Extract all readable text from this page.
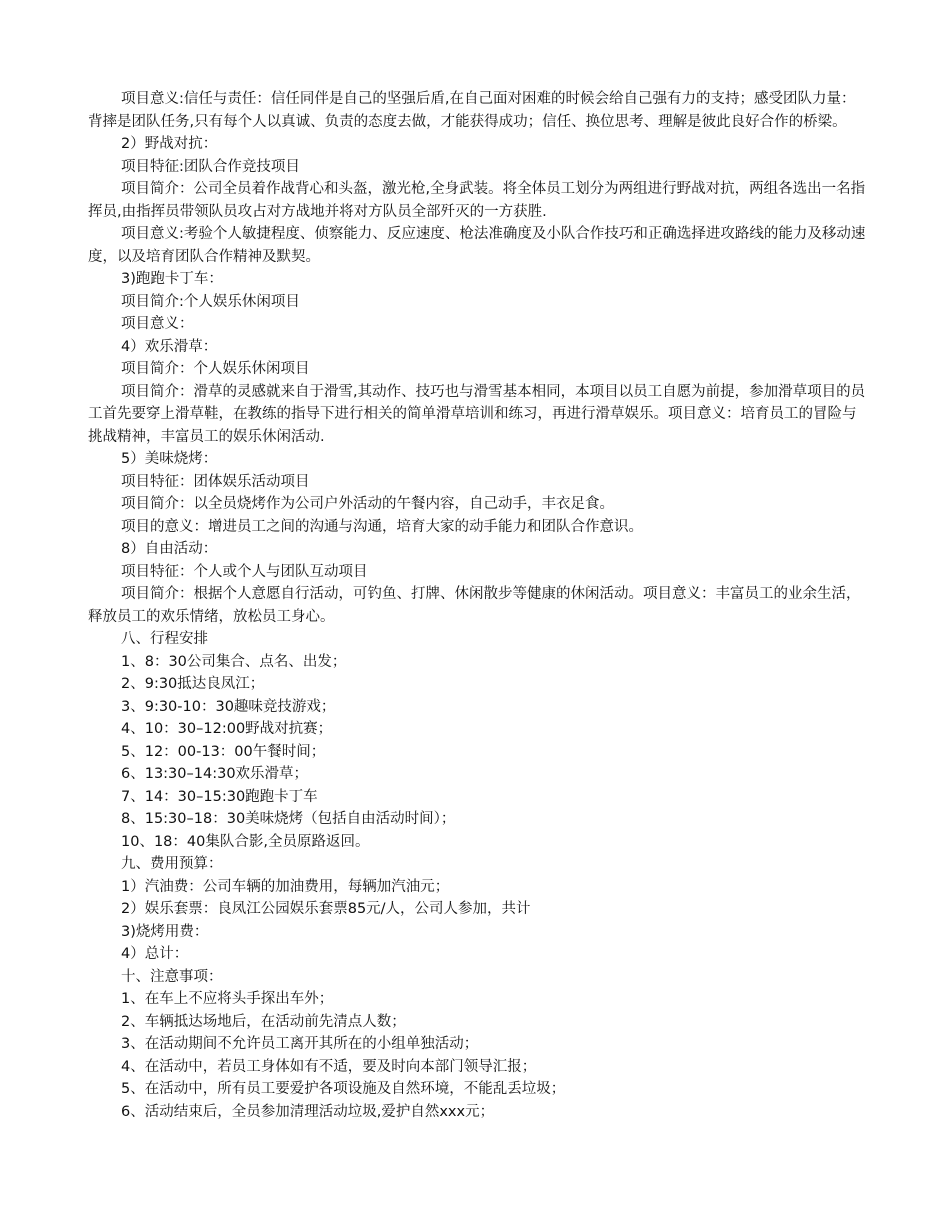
项目意义:信任与责任：信任同伴是自己的坚强后盾,在自己面对困难的时候会给自己强有力的支持；感受团队力量：背摔是团队任务,只有每个人以真诚、负责的态度去做，才能获得成功；信任、换位思考、理解是彼此良好合作的桥梁。

2）野战对抗：

项目特征:团队合作竞技项目

项目简介：公司全员着作战背心和头盔，激光枪,全身武装。将全体员工划分为两组进行野战对抗，两组各选出一名指挥员,由指挥员带领队员攻占对方战地并将对方队员全部歼灭的一方获胜.

项目意义:考验个人敏捷程度、侦察能力、反应速度、枪法准确度及小队合作技巧和正确选择进攻路线的能力及移动速度，以及培育团队合作精神及默契。

3)跑跑卡丁车：

项目简介:个人娱乐休闲项目

项目意义：

4）欢乐滑草：

项目简介：个人娱乐休闲项目

项目简介：滑草的灵感就来自于滑雪,其动作、技巧也与滑雪基本相同，本项目以员工自愿为前提，参加滑草项目的员工首先要穿上滑草鞋，在教练的指导下进行相关的简单滑草培训和练习，再进行滑草娱乐。项目意义：培育员工的冒险与挑战精神，丰富员工的娱乐休闲活动.

5）美味烧烤：

项目特征：团体娱乐活动项目

项目简介：以全员烧烤作为公司户外活动的午餐内容，自己动手，丰衣足食。

项目的意义：增进员工之间的沟通与沟通，培育大家的动手能力和团队合作意识。

8）自由活动：

项目特征：个人或个人与团队互动项目

项目简介：根据个人意愿自行活动，可钓鱼、打牌、休闲散步等健康的休闲活动。项目意义：丰富员工的业余生活，释放员工的欢乐情绪，放松员工身心。

八、行程安排

1、8：30公司集合、点名、出发；

2、9:30抵达良凤江；

3、9:30-10：30趣味竞技游戏；

4、10：30–12:00野战对抗赛；

5、12：00-13：00午餐时间；

6、13:30–14:30欢乐滑草；

7、14：30–15:30跑跑卡丁车

8、15:30–18：30美味烧烤（包括自由活动时间）；

10、18：40集队合影,全员原路返回。

九、费用预算：

1）汽油费：公司车辆的加油费用，每辆加汽油元；

2）娱乐套票：良凤江公园娱乐套票85元/人，公司人参加，共计

3)烧烤用费：

4）总计：

十、注意事项：

1、在车上不应将头手探出车外；

2、车辆抵达场地后，在活动前先清点人数；

3、在活动期间不允许员工离开其所在的小组单独活动；

4、在活动中，若员工身体如有不适，要及时向本部门领导汇报；

5、在活动中，所有员工要爱护各项设施及自然环境，不能乱丢垃圾；

6、活动结束后，全员参加清理活动垃圾,爱护自然xxx元；
